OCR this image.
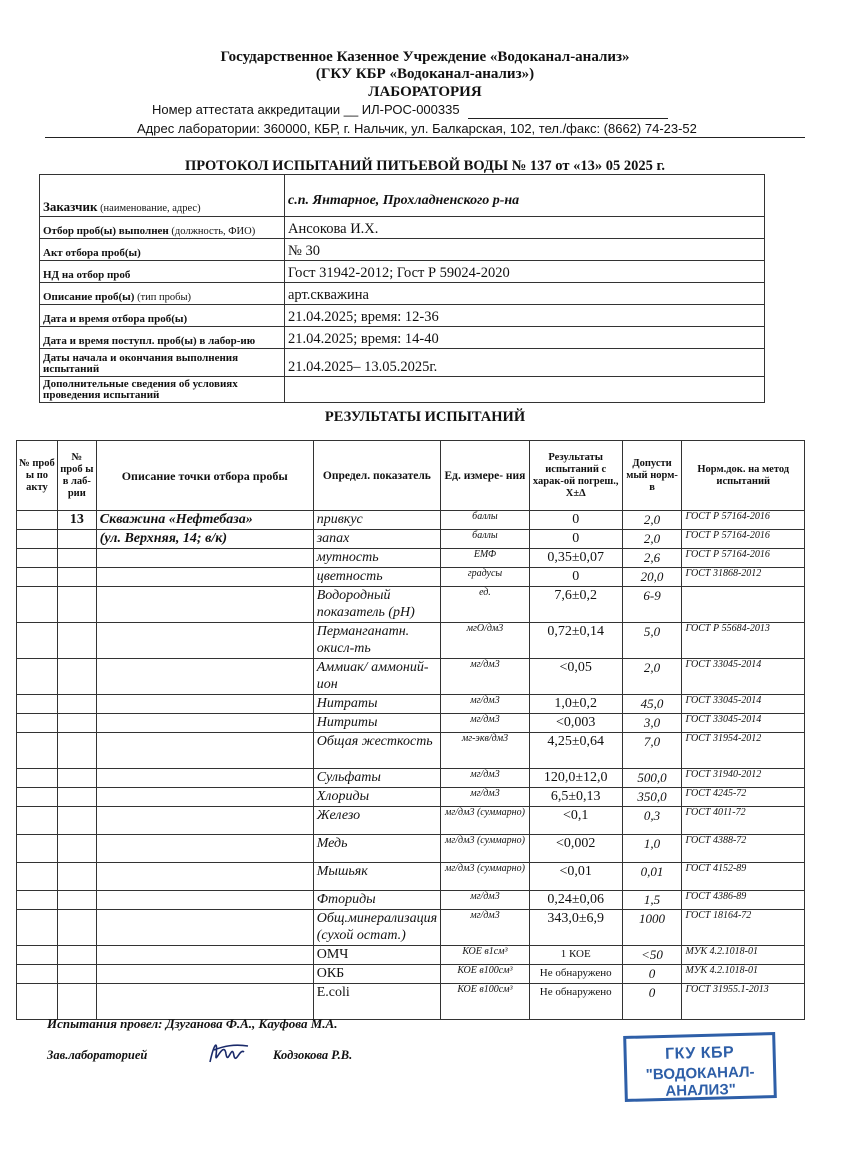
Государственное Казенное Учреждение «Водоканал-анализ»
(ГКУ КБР «Водоканал-анализ»)
ЛАБОРАТОРИЯ
Номер аттестата аккредитации __ ИЛ-РОС-000335
Адрес лаборатории: 360000, КБР, г. Нальчик, ул. Балкарская, 102, тел./факс: (8662) 74-23-52
ПРОТОКОЛ ИСПЫТАНИЙ ПИТЬЕВОЙ ВОДЫ № 137 от «13» 05 2025 г.
Заказчик (наименование, адрес)	с.п. Янтарное, Прохладненского р-на
Отбор проб(ы) выполнен (должность, ФИО)	Ансокова И.Х.
Акт отбора проб(ы)	№ 30
НД на отбор проб	Гост 31942-2012; Гост Р 59024-2020
Описание проб(ы) (тип пробы)	арт.скважина
Дата и время отбора проб(ы)	21.04.2025; время: 12-36
Дата и время поступл. проб(ы) в лабор-ию	21.04.2025; время: 14-40
Даты начала и окончания выполнения испытаний	21.04.2025– 13.05.2025г.
Дополнительные сведения об условиях проведения испытаний	
РЕЗУЛЬТАТЫ ИСПЫТАНИЙ
№ проб ы по акту	№ проб ы в лаб- рии	Описание точки отбора пробы	Определ. показатель	Ед. измере- ния	Результаты испытаний с харак-ой погреш., Х±Δ	Допусти мый норм-в	Норм.док. на метод испытаний
	13	Скважина «Нефтебаза»	привкус	баллы	0	2,0	ГОСТ Р 57164-2016
		(ул. Верхняя, 14; в/к)	запах	баллы	0	2,0	ГОСТ Р 57164-2016
			мутность	ЕМФ	0,35±0,07	2,6	ГОСТ Р 57164-2016
			цветность	градусы	0	20,0	ГОСТ 31868-2012
			Водородный показатель (рН)	ед.	7,6±0,2	6-9	
			Перманганатн. окисл-ть	мгО/дм3	0,72±0,14	5,0	ГОСТ Р 55684-2013
			Аммиак/ аммоний-ион	мг/дм3	<0,05	2,0	ГОСТ 33045-2014
			Нитраты	мг/дм3	1,0±0,2	45,0	ГОСТ 33045-2014
			Нитриты	мг/дм3	<0,003	3,0	ГОСТ 33045-2014
			Общая жесткость	мг-экв/дм3	4,25±0,64	7,0	ГОСТ 31954-2012
			Сульфаты	мг/дм3	120,0±12,0	500,0	ГОСТ 31940-2012
			Хлориды	мг/дм3	6,5±0,13	350,0	ГОСТ 4245-72
			Железо	мг/дм3 (суммарно)	<0,1	0,3	ГОСТ 4011-72
			Медь	мг/дм3 (суммарно)	<0,002	1,0	ГОСТ 4388-72
			Мышьяк	мг/дм3 (суммарно)	<0,01	0,01	ГОСТ 4152-89
			Фториды	мг/дм3	0,24±0,06	1,5	ГОСТ 4386-89
			Общ.минерализация (сухой остат.)	мг/дм3	343,0±6,9	1000	ГОСТ 18164-72
			ОМЧ	КОЕ в1см³	1 КОЕ	<50	МУК 4.2.1018-01
			ОКБ	КОЕ в100см³	Не обнаружено	0	МУК 4.2.1018-01
			E.coli	КОЕ в100см³	Не обнаружено	0	ГОСТ 31955.1-2013
Испытания провел: Дзуганова Ф.А., Кауфова М.А.
Зав.лабораторией	Кодзокова Р.В.	ГКУ КБР
"ВОДОКАНАЛ-АНАЛИЗ"
